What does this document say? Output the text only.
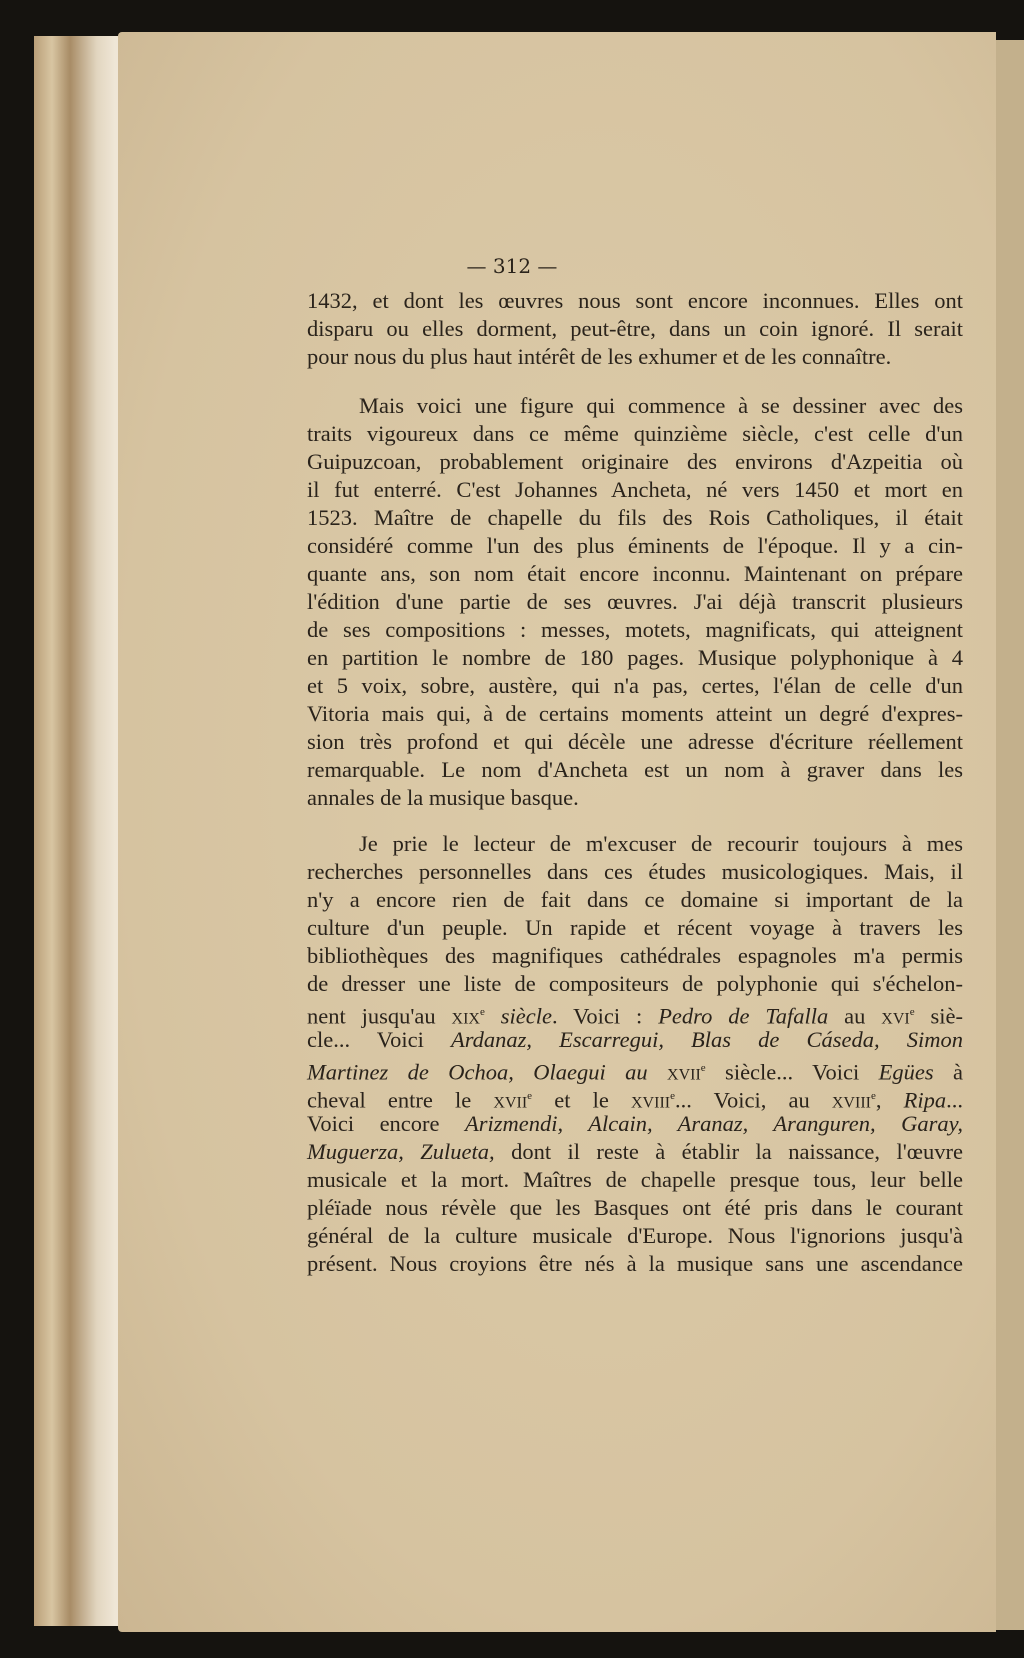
— 312 —
1432, et dont les œuvres nous sont encore inconnues. Elles ont
disparu ou elles dorment, peut-être, dans un coin ignoré. Il serait
pour nous du plus haut intérêt de les exhumer et de les connaître.
Mais voici une figure qui commence à se dessiner avec des
traits vigoureux dans ce même quinzième siècle, c'est celle d'un
Guipuzcoan, probablement originaire des environs d'Azpeitia où
il fut enterré. C'est Johannes Ancheta, né vers 1450 et mort en
1523. Maître de chapelle du fils des Rois Catholiques, il était
considéré comme l'un des plus éminents de l'époque. Il y a cin-
quante ans, son nom était encore inconnu. Maintenant on prépare
l'édition d'une partie de ses œuvres. J'ai déjà transcrit plusieurs
de ses compositions : messes, motets, magnificats, qui atteignent
en partition le nombre de 180 pages. Musique polyphonique à 4
et 5 voix, sobre, austère, qui n'a pas, certes, l'élan de celle d'un
Vitoria mais qui, à de certains moments atteint un degré d'expres-
sion très profond et qui décèle une adresse d'écriture réellement
remarquable. Le nom d'Ancheta est un nom à graver dans les
annales de la musique basque.
Je prie le lecteur de m'excuser de recourir toujours à mes
recherches personnelles dans ces études musicologiques. Mais, il
n'y a encore rien de fait dans ce domaine si important de la
culture d'un peuple. Un rapide et récent voyage à travers les
bibliothèques des magnifiques cathédrales espagnoles m'a permis
de dresser une liste de compositeurs de polyphonie qui s'échelon-
nent jusqu'au xix$^e$ siècle. Voici : Pedro de Tafalla au xvi$^e$ siè-
cle... Voici Ardanaz, Escarregui, Blas de Cáseda, Simon
Martinez de Ochoa, Olaegui au xvii$^e$ siècle... Voici Egües à
cheval entre le xvii$^e$ et le xviii$^e$... Voici, au xviii$^e$, Ripa...
Voici encore Arizmendi, Alcain, Aranaz, Aranguren, Garay,
Muguerza, Zulueta, dont il reste à établir la naissance, l'œuvre
musicale et la mort. Maîtres de chapelle presque tous, leur belle
pléïade nous révèle que les Basques ont été pris dans le courant
général de la culture musicale d'Europe. Nous l'ignorions jusqu'à
présent. Nous croyions être nés à la musique sans une ascendance
